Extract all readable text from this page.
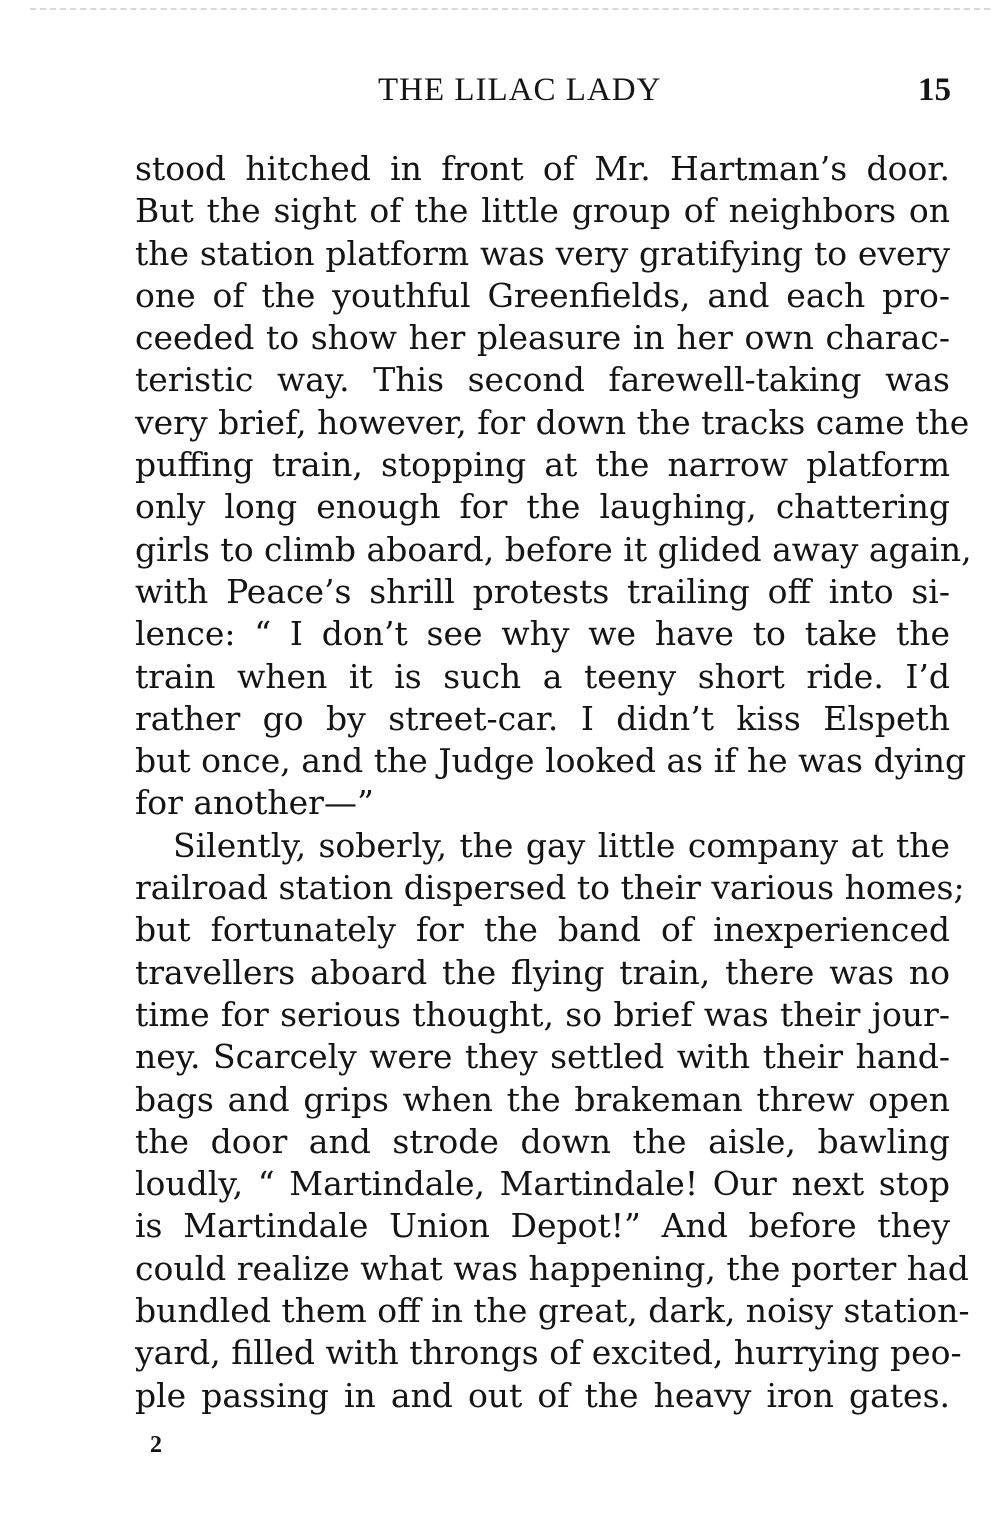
THE LILAC LADY	15
stood hitched in front of Mr. Hartman’s door.
But the sight of the little group of neighbors on
the station platform was very gratifying to every
one of the youthful Greenfields, and each pro-
ceeded to show her pleasure in her own charac-
teristic way. This second farewell-taking was
very brief, however, for down the tracks came the
puffing train, stopping at the narrow platform
only long enough for the laughing, chattering
girls to climb aboard, before it glided away again,
with Peace’s shrill protests trailing off into si-
lence: “ I don’t see why we have to take the
train when it is such a teeny short ride. I’d
rather go by street-car. I didn’t kiss Elspeth
but once, and the Judge looked as if he was dying
for another—”
Silently, soberly, the gay little company at the
railroad station dispersed to their various homes;
but fortunately for the band of inexperienced
travellers aboard the flying train, there was no
time for serious thought, so brief was their jour-
ney. Scarcely were they settled with their hand-
bags and grips when the brakeman threw open
the door and strode down the aisle, bawling
loudly, “ Martindale, Martindale! Our next stop
is Martindale Union Depot!” And before they
could realize what was happening, the porter had
bundled them off in the great, dark, noisy station-
yard, filled with throngs of excited, hurrying peo-
ple passing in and out of the heavy iron gates.
2
